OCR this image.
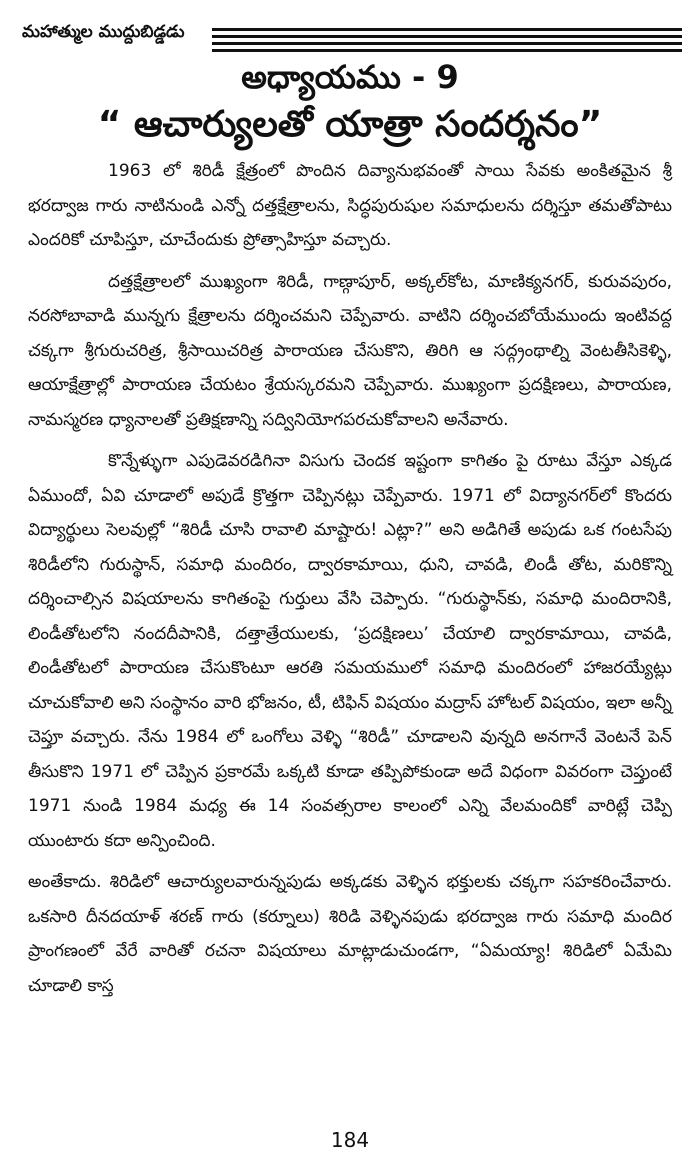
మహాత్ముల ముద్దుబిడ్డడు
అధ్యాయము - 9
“ ఆచార్యులతో యాత్రా సందర్శనం”

1963 లో శిరిడీ క్షేత్రంలో పొందిన దివ్యానుభవంతో సాయి సేవకు అంకితమైన శ్రీ భరద్వాజ గారు నాటినుండి ఎన్నో దత్తక్షేత్రాలను, సిద్ధపురుషుల సమాధులను దర్శిస్తూ తమతోపాటు ఎందరికో చూపిస్తూ, చూచేందుకు ప్రోత్సాహిస్తూ వచ్చారు.

దత్తక్షేత్రాలలో ముఖ్యంగా శిరిడీ, గాణ్గాపూర్, అక్కల్‌కోట, మాణిక్యనగర్, కురువపురం, నరసోబావాడి మున్నగు క్షేత్రాలను దర్శించమని చెప్పేవారు. వాటిని దర్శించబోయేముందు ఇంటివద్ద చక్కగా శ్రీగురుచరిత్ర, శ్రీసాయిచరిత్ర పారాయణ చేసుకొని, తిరిగి ఆ సద్గ్రంథాల్ని వెంటతీసికెళ్ళి, ఆయాక్షేత్రాల్లో పారాయణ చేయటం శ్రేయస్కరమని చెప్పేవారు. ముఖ్యంగా ప్రదక్షిణలు, పారాయణ, నామస్మరణ ధ్యానాలతో ప్రతిక్షణాన్ని సద్వినియోగపరచుకోవాలని అనేవారు.

కొన్నేళ్ళుగా ఎపుడెవరడిగినా విసుగు చెందక ఇష్టంగా కాగితం పై రూటు వేస్తూ ఎక్కడ ఏముందో, ఏవి చూడాలో అపుడే క్రొత్తగా చెప్పినట్లు చెప్పేవారు. 1971 లో విద్యానగర్‌లో కొందరు విద్యార్థులు సెలవుల్లో “శిరిడీ చూసి రావాలి మాష్టారు! ఎట్లా?” అని అడిగితే అపుడు ఒక గంటసేపు శిరిడీలోని గురుస్థాన్, సమాధి మందిరం, ద్వారకామాయి, ధుని, చావడి, లిండీ తోట, మరికొన్ని దర్శించాల్సిన విషయాలను కాగితంపై గుర్తులు వేసి చెప్పారు. “గురుస్థాన్‌కు, సమాధి మందిరానికి, లిండీతోటలోని నందదీపానికి, దత్తాత్రేయులకు, ‘ప్రదక్షిణలు’ చేయాలి ద్వారకామాయి, చావడి, లిండీతోటలో పారాయణ చేసుకొంటూ ఆరతి సమయములో సమాధి మందిరంలో హాజరయ్యేట్లు చూచుకోవాలి అని సంస్థానం వారి భోజనం, టీ, టిఫిన్ విషయం మద్రాస్ హోటల్ విషయం, ఇలా అన్నీ చెప్తూ వచ్చారు. నేను 1984 లో ఒంగోలు వెళ్ళి “శిరిడీ” చూడాలని వున్నది అనగానే వెంటనే పెన్ తీసుకొని 1971 లో చెప్పిన ప్రకారమే ఒక్కటి కూడా తప్పిపోకుండా అదే విధంగా వివరంగా చెప్తుంటే 1971 నుండి 1984 మధ్య ఈ 14 సంవత్సరాల కాలంలో ఎన్ని వేలమందికో వారిట్లే చెప్పి యుంటారు కదా అన్పించింది.

అంతేకాదు. శిరిడిలో ఆచార్యులవారున్నపుడు అక్కడకు వెళ్ళిన భక్తులకు చక్కగా సహకరించేవారు. ఒకసారి దీనదయాళ్ శరణ్ గారు (కర్నూలు) శిరిడి వెళ్ళినపుడు భరద్వాజ గారు సమాధి మందిర ప్రాంగణంలో వేరే వారితో రచనా విషయాలు మాట్లాడుచుండగా, “ఏమయ్యా! శిరిడిలో ఏమేమి చూడాలి కాస్త

184
